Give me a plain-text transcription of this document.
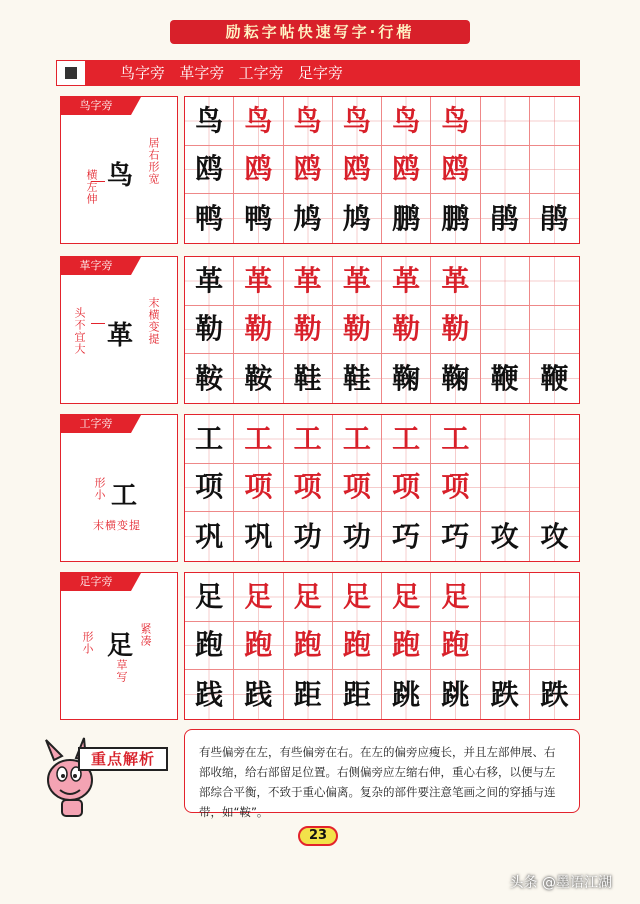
励耘字帖快速写字·行楷
鸟字旁 革字旁 工字旁 足字旁
鸟字旁
鸟 居右形宽
横左伸
鸟 鸟 鸟 鸟 鸟 鸟
鸥 鸥 鸥 鸥 鸥 鸥
鸭 鸭 鸠 鸠 鹏 鹏 鹃 鹃
革字旁
革 末横变提
头不宜大
革 革 革 革 革 革
勒 勒 勒 勒 勒 勒
鞍 鞍 鞋 鞋 鞠 鞠 鞭 鞭
工字旁
工
形小
末横变提
工 工 工 工 工 工
项 项 项 项 项 项
巩 巩 功 功 巧 巧 攻 攻
足字旁
足 紧凑
草写
形小
足 足 足 足 足 足
跑 跑 跑 跑 跑 跑
践 践 距 距 跳 跳 跌 跌
重点解析	有些偏旁在左，有些偏旁在右。在左的偏旁应瘦长，并且左部伸展、右部收缩，给右部留足位置。右侧偏旁应左缩右伸，重心右移，以便与左部综合平衡，不致于重心偏离。复杂的部件要注意笔画之间的穿插与连带，如“鞍”。
23
头条 @墨语江湖
